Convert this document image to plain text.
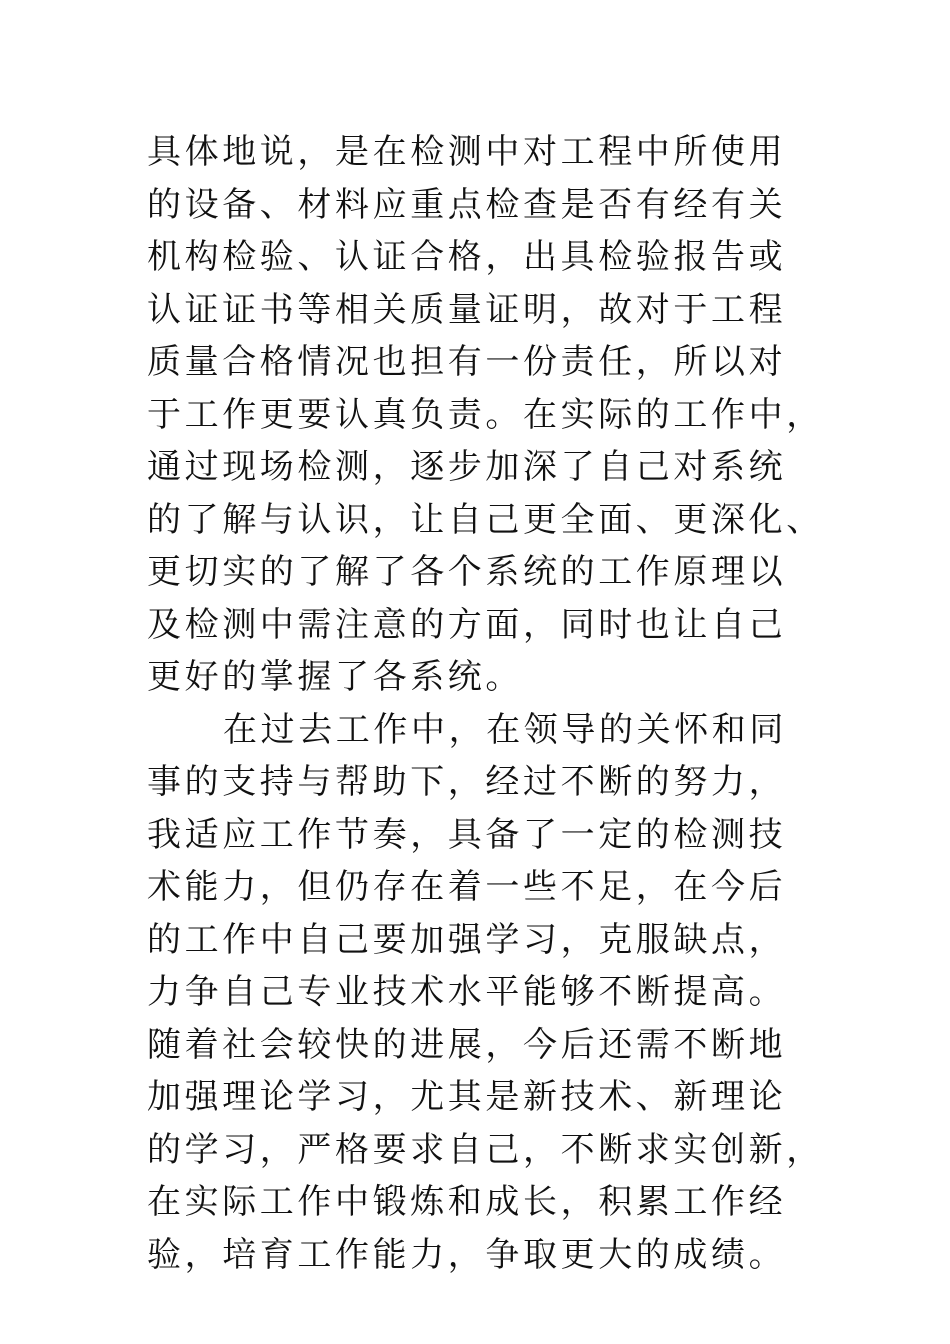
具体地说，是在检测中对工程中所使用
的设备、材料应重点检查是否有经有关
机构检验、认证合格，出具检验报告或
认证证书等相关质量证明，故对于工程
质量合格情况也担有一份责任，所以对
于工作更要认真负责。在实际的工作中，
通过现场检测，逐步加深了自己对系统
的了解与认识，让自己更全面、更深化、
更切实的了解了各个系统的工作原理以
及检测中需注意的方面，同时也让自己
更好的掌握了各系统。
在过去工作中，在领导的关怀和同
事的支持与帮助下，经过不断的努力，
我适应工作节奏，具备了一定的检测技
术能力，但仍存在着一些不足，在今后
的工作中自己要加强学习，克服缺点，
力争自己专业技术水平能够不断提高。
随着社会较快的进展，今后还需不断地
加强理论学习，尤其是新技术、新理论
的学习，严格要求自己，不断求实创新，
在实际工作中锻炼和成长，积累工作经
验，培育工作能力，争取更大的成绩。
